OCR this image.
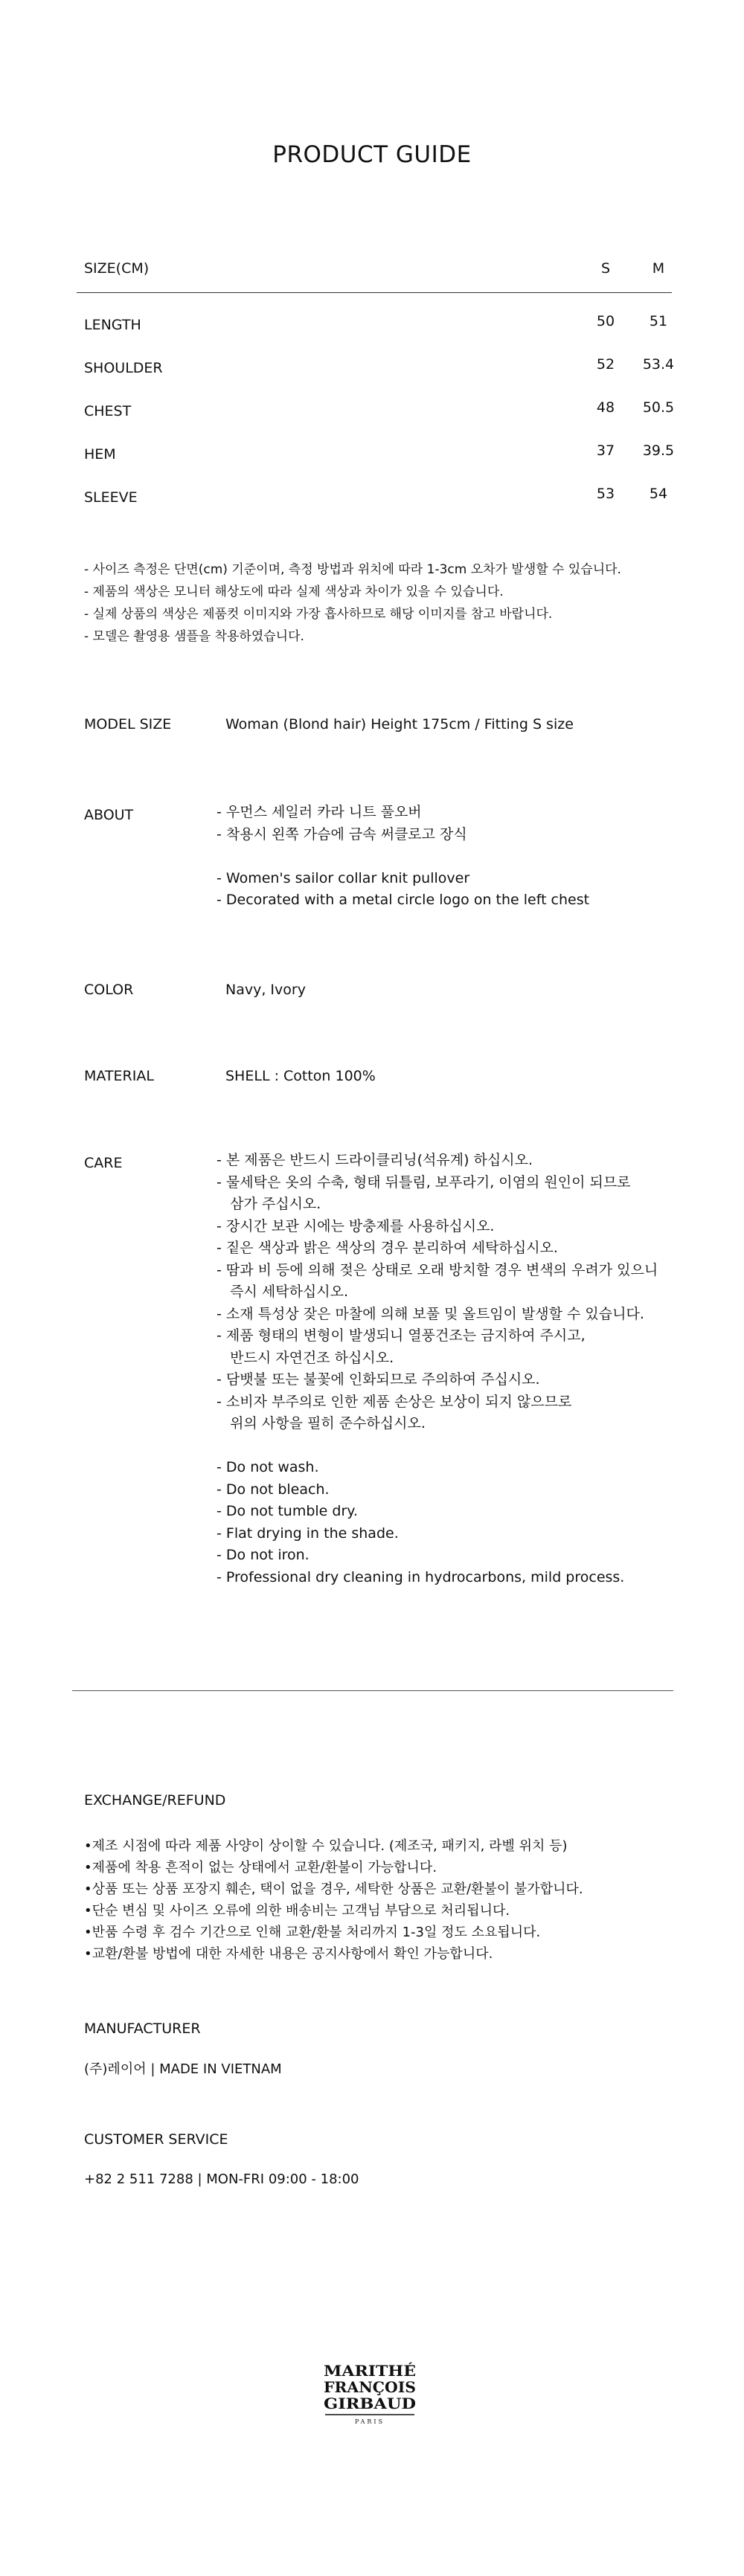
PRODUCT GUIDE
SIZE(CM)	S	M
LENGTH	50	51
SHOULDER	52	53.4
CHEST	48	50.5
HEM	37	39.5
SLEEVE	53	54
- 사이즈 측정은 단면(cm) 기준이며, 측정 방법과 위치에 따라 1-3cm 오차가 발생할 수 있습니다.
- 제품의 색상은 모니터 해상도에 따라 실제 색상과 차이가 있을 수 있습니다.
- 실제 상품의 색상은 제품컷 이미지와 가장 흡사하므로 해당 이미지를 참고 바랍니다.
- 모델은 촬영용 샘플을 착용하였습니다.
MODEL SIZE	Woman (Blond hair) Height 175cm / Fitting S size
ABOUT	- 우먼스 세일러 카라 니트 풀오버
- 착용시 왼쪽 가슴에 금속 써클로고 장식
- Women's sailor collar knit pullover
- Decorated with a metal circle logo on the left chest
COLOR	Navy, Ivory
MATERIAL	SHELL : Cotton 100%
CARE	- 본 제품은 반드시 드라이클리닝(석유계) 하십시오.
- 물세탁은 옷의 수축, 형태 뒤틀림, 보푸라기, 이염의 원인이 되므로
삼가 주십시오.
- 장시간 보관 시에는 방충제를 사용하십시오.
- 짙은 색상과 밝은 색상의 경우 분리하여 세탁하십시오.
- 땀과 비 등에 의해 젖은 상태로 오래 방치할 경우 변색의 우려가 있으니
즉시 세탁하십시오.
- 소재 특성상 잦은 마찰에 의해 보풀 및 올트임이 발생할 수 있습니다.
- 제품 형태의 변형이 발생되니 열풍건조는 금지하여 주시고,
반드시 자연건조 하십시오.
- 담뱃불 또는 불꽃에 인화되므로 주의하여 주십시오.
- 소비자 부주의로 인한 제품 손상은 보상이 되지 않으므로
위의 사항을 필히 준수하십시오.
- Do not wash.
- Do not bleach.
- Do not tumble dry.
- Flat drying in the shade.
- Do not iron.
- Professional dry cleaning in hydrocarbons, mild process.
EXCHANGE/REFUND
•제조 시점에 따라 제품 사양이 상이할 수 있습니다. (제조국, 패키지, 라벨 위치 등)
•제품에 착용 흔적이 없는 상태에서 교환/환불이 가능합니다.
•상품 또는 상품 포장지 훼손, 택이 없을 경우, 세탁한 상품은 교환/환불이 불가합니다.
•단순 변심 및 사이즈 오류에 의한 배송비는 고객님 부담으로 처리됩니다.
•반품 수령 후 검수 기간으로 인해 교환/환불 처리까지 1-3일 정도 소요됩니다.
•교환/환불 방법에 대한 자세한 내용은 공지사항에서 확인 가능합니다.
MANUFACTURER
(주)레이어 | MADE IN VIETNAM
CUSTOMER SERVICE
+82 2 511 7288 | MON-FRI 09:00 - 18:00
MARITHÉ
FRANÇOIS
GIRBAUD
PARIS
